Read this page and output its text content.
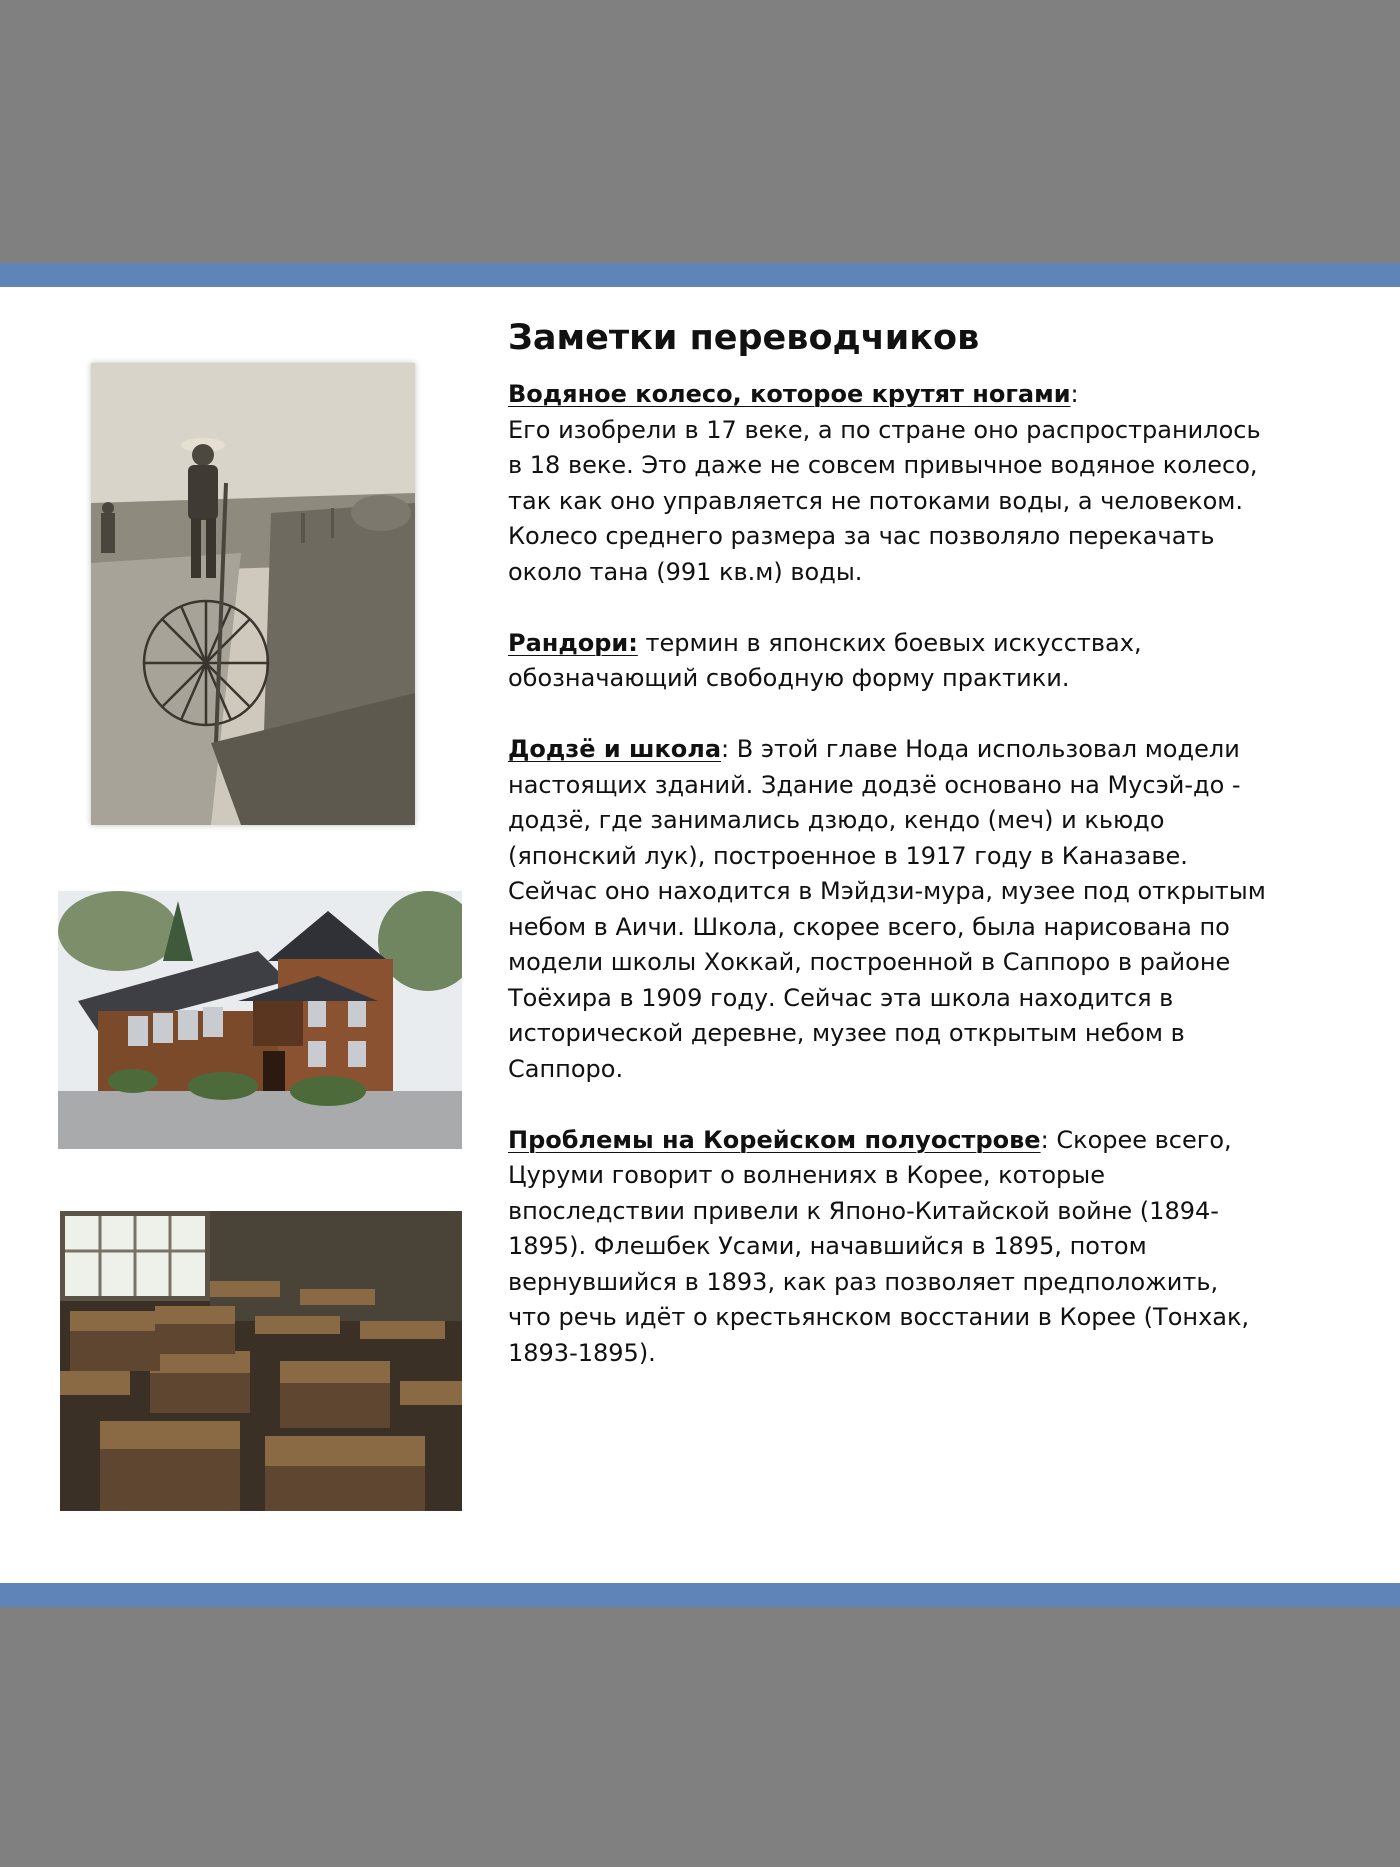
Заметки переводчиков

Водяное колесо, которое крутят ногами:
Его изобрели в 17 веке, а по стране оно распространилось в 18 веке. Это даже не совсем привычное водяное колесо, так как оно управляется не потоками воды, а человеком. Колесо среднего размера за час позволяло перекачать около тана (991 кв.м) воды.

Рандори: термин в японских боевых искусствах, обозначающий свободную форму практики.

Додзё и школа: В этой главе Нода использовал модели настоящих зданий. Здание додзё основано на Мусэй-до - додзё, где занимались дзюдо, кендо (меч) и кьюдо (японский лук), построенное в 1917 году в Каназаве. Сейчас оно находится в Мэйдзи-мура, музее под открытым небом в Аичи. Школа, скорее всего, была нарисована по модели школы Хоккай, построенной в Саппоро в районе Тоёхира в 1909 году. Сейчас эта школа находится в исторической деревне, музее под открытым небом в Саппоро.

Проблемы на Корейском полуострове: Скорее всего, Цуруми говорит о волнениях в Корее, которые впоследствии привели к Японо-Китайской войне (1894-1895). Флешбек Усами, начавшийся в 1895, потом вернувшийся в 1893, как раз позволяет предположить, что речь идёт о крестьянском восстании в Корее (Тонхак, 1893-1895).
